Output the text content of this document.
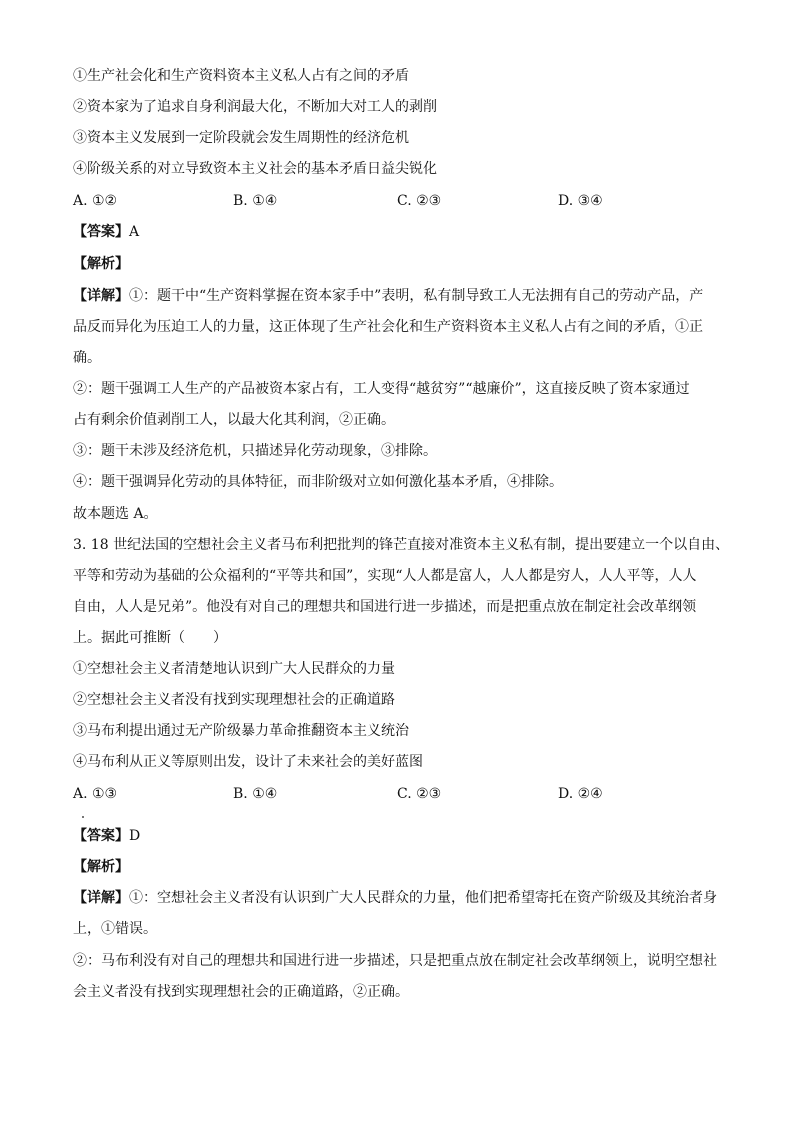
①生产社会化和生产资料资本主义私人占有之间的矛盾
②资本家为了追求自身利润最大化，不断加大对工人的剥削
③资本主义发展到一定阶段就会发生周期性的经济危机
④阶级关系的对立导致资本主义社会的基本矛盾日益尖锐化
A. ①②	B. ①④	C. ②③	D. ③④
【答案】A
【解析】
【详解】①：题干中“生产资料掌握在资本家手中”表明，私有制导致工人无法拥有自己的劳动产品，产
品反而异化为压迫工人的力量，这正体现了生产社会化和生产资料资本主义私人占有之间的矛盾，①正
确。
②：题干强调工人生产的产品被资本家占有，工人变得“越贫穷”“越廉价”，这直接反映了资本家通过
占有剩余价值剥削工人，以最大化其利润，②正确。
③：题干未涉及经济危机，只描述异化劳动现象，③排除。
④：题干强调异化劳动的具体特征，而非阶级对立如何激化基本矛盾，④排除。
故本题选 A。
3. 18 世纪法国的空想社会主义者马布利把批判的锋芒直接对准资本主义私有制，提出要建立一个以自由、
平等和劳动为基础的公众福利的“平等共和国”，实现“人人都是富人，人人都是穷人，人人平等，人人
自由，人人是兄弟”。他没有对自己的理想共和国进行进一步描述，而是把重点放在制定社会改革纲领
上。据此可推断（　　）
①空想社会主义者清楚地认识到广大人民群众的力量
②空想社会主义者没有找到实现理想社会的正确道路
③马布利提出通过无产阶级暴力革命推翻资本主义统治
④马布利从正义等原则出发，设计了未来社会的美好蓝图
A. ①③	B. ①④	C. ②③	D. ②④
【答案】D
【解析】
【详解】①：空想社会主义者没有认识到广大人民群众的力量，他们把希望寄托在资产阶级及其统治者身
上，①错误。
②：马布利没有对自己的理想共和国进行进一步描述，只是把重点放在制定社会改革纲领上，说明空想社
会主义者没有找到实现理想社会的正确道路，②正确。
